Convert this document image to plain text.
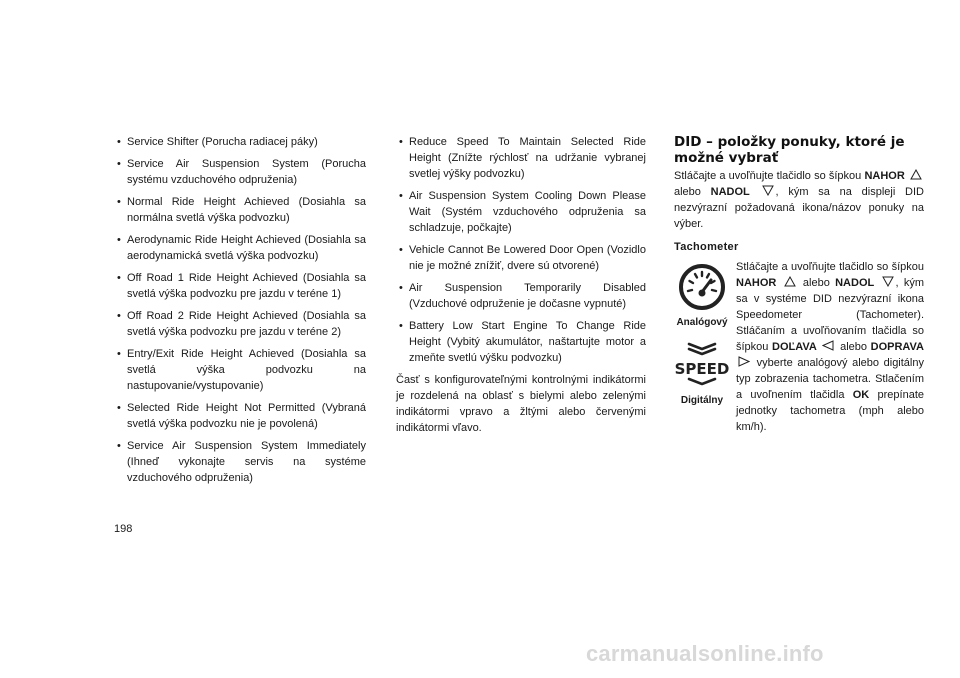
• Service Shifter (Porucha radiacej páky)
• Service Air Suspension System (Porucha systému vzduchového odpruženia)
• Normal Ride Height Achieved (Dosiahla sa normálna svetlá výška podvozku)
• Aerodynamic Ride Height Achieved (Dosiahla sa aerodynamická svetlá výška podvozku)
• Off Road 1 Ride Height Achieved (Dosiahla sa svetlá výška podvozku pre jazdu v teréne 1)
• Off Road 2 Ride Height Achieved (Dosiahla sa svetlá výška podvozku pre jazdu v teréne 2)
• Entry/Exit Ride Height Achieved (Dosiahla sa svetlá výška podvozku na nastupovanie/vystupovanie)
• Selected Ride Height Not Permitted (Vybraná svetlá výška podvozku nie je povolená)
• Service Air Suspension System Immediately (Ihneď vykonajte servis na systéme vzduchového odpruženia)
• Reduce Speed To Maintain Selected Ride Height (Znížte rýchlosť na udržanie vybranej svetlej výšky podvozku)
• Air Suspension System Cooling Down Please Wait (Systém vzduchového odpruženia sa schladzuje, počkajte)
• Vehicle Cannot Be Lowered Door Open (Vozidlo nie je možné znížiť, dvere sú otvorené)
• Air Suspension Temporarily Disabled (Vzduchové odpruženie je dočasne vypnuté)
• Battery Low Start Engine To Change Ride Height (Vybitý akumulátor, naštartujte motor a zmeňte svetlú výšku podvozku)

Časť s konfigurovateľnými kontrolnými indikátormi je rozdelená na oblasť s bielymi alebo zelenými indikátormi vpravo a žltými alebo červenými indikátormi vľavo.

DID – položky ponuky, ktoré je
možné vybrať

Stláčajte a uvoľňujte tlačidlo so šípkou NAHOR  alebo NADOL , kým sa na displeji DID nezvýrazní požadovaná ikona/názov ponuky na výber.

Tachometer
Analógový
SPEED
Digitálny
Stláčajte a uvoľňujte tlačidlo so šípkou NAHOR  alebo NADOL , kým sa v systéme DID nezvýrazní ikona Speedometer (Tachometer). Stláčaním a uvoľňovaním tlačidla so šípkou DOĽAVA  alebo DOPRAVA  vyberte analógový alebo digitálny typ zobrazenia tachometra. Stlačením a uvoľnením tlačidla OK prepínate jednotky tachometra (mph alebo km/h).
198
carmanualsonline.info
